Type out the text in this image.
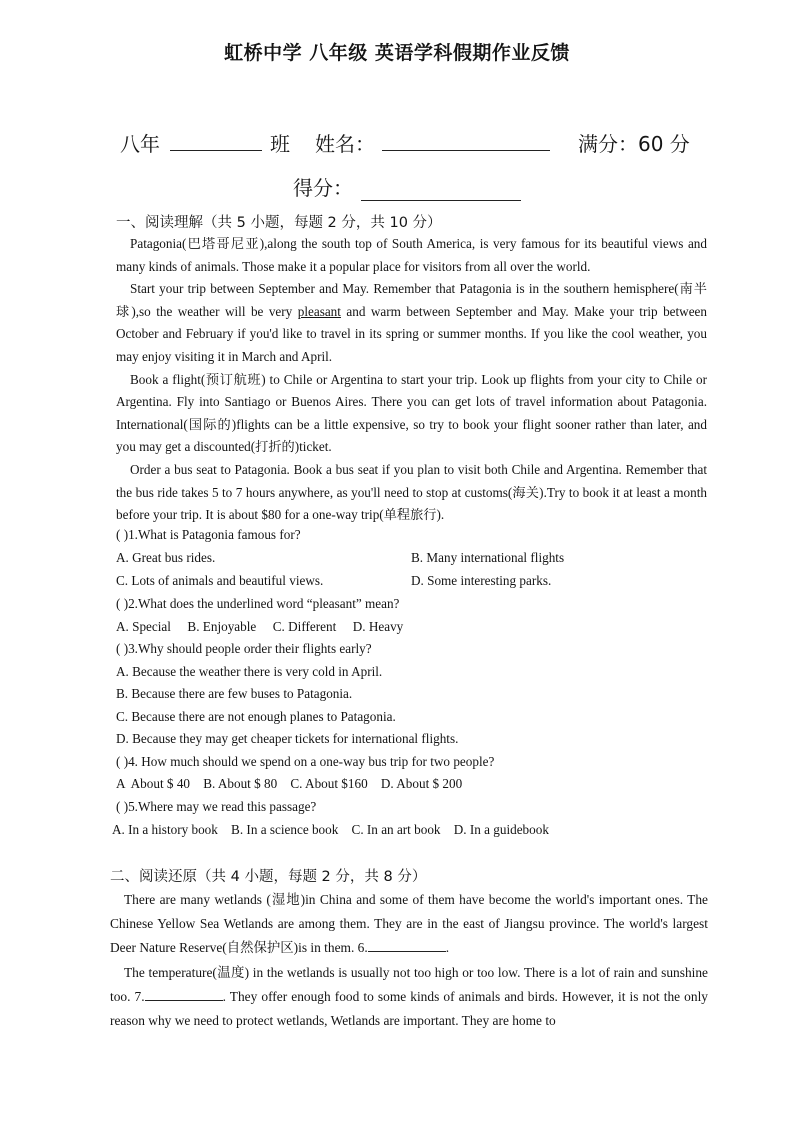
虹桥中学 八年级 英语学科假期作业反馈
八年	班 姓名：	满分：60 分
得分：
一、阅读理解（共 5 小题，每题 2 分，共 10 分）
Patagonia(巴塔哥尼亚),along the south top of South America, is very famous for its beautiful views and many kinds of animals. Those make it a popular place for visitors from all over the world.
Start your trip between September and May. Remember that Patagonia is in the southern hemisphere(南半球),so the weather will be very pleasant and warm between September and May. Make your trip between October and February if you'd like to travel in its spring or summer months. If you like the cool weather, you may enjoy visiting it in March and April.
Book a flight(预订航班) to Chile or Argentina to start your trip. Look up flights from your city to Chile or Argentina. Fly into Santiago or Buenos Aires. There you can get lots of travel information about Patagonia. International(国际的)flights can be a little expensive, so try to book your flight sooner rather than later, and you may get a discounted(打折的)ticket.
Order a bus seat to Patagonia. Book a bus seat if you plan to visit both Chile and Argentina. Remember that the bus ride takes 5 to 7 hours anywhere, as you'll need to stop at customs(海关).Try to book it at least a month before your trip. It is about $80 for a one-way trip(单程旅行).
( )1.What is Patagonia famous for?
A. Great bus rides.	B. Many international flights
C. Lots of animals and beautiful views.	D. Some interesting parks.
( )2.What does the underlined word “pleasant” mean?
A. Special     B. Enjoyable     C. Different     D. Heavy
( )3.Why should people order their flights early?
A. Because the weather there is very cold in April.
B. Because there are few buses to Patagonia.
C. Because there are not enough planes to Patagonia.
D. Because they may get cheaper tickets for international flights.
( )4. How much should we spend on a one-way bus trip for two people?
A  About $ 40    B. About $ 80    C. About $160    D. About $ 200
( )5.Where may we read this passage?
A. In a history book    B. In a science book    C. In an art book    D. In a guidebook
二、阅读还原（共 4 小题，每题 2 分，共 8 分）
There are many wetlands (湿地)in China and some of them have become the world's important ones. The Chinese Yellow Sea Wetlands are among them. They are in the east of Jiangsu province. The world's largest Deer Nature Reserve(自然保护区)is in them. 6.	.
The temperature(温度) in the wetlands is usually not too high or too low. There is a lot of rain and sunshine too. 7.	. They offer enough food to some kinds of animals and birds. However, it is not the only reason why we need to protect wetlands, Wetlands are important. They are home to
